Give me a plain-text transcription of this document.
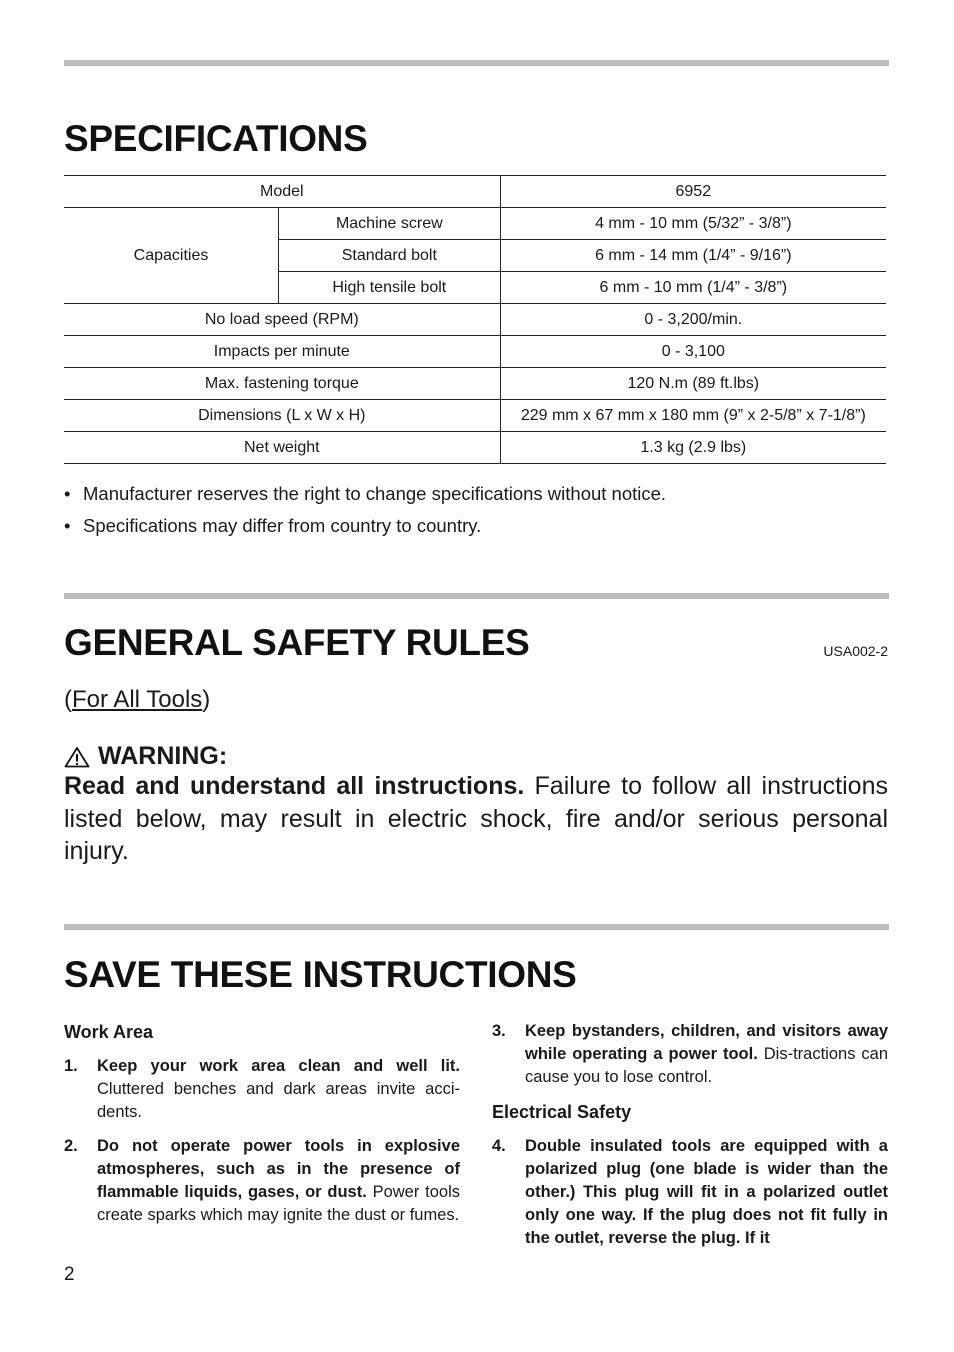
SPECIFICATIONS
Model		6952
Capacities	Machine screw	4 mm - 10 mm (5/32” - 3/8”)
	Standard bolt	6 mm - 14 mm (1/4” - 9/16”)
	High tensile bolt	6 mm - 10 mm (1/4” - 3/8”)
No load speed (RPM)		0 - 3,200/min.
Impacts per minute		0 - 3,100
Max. fastening torque		120 N.m (89 ft.lbs)
Dimensions (L x W x H)		229 mm x 67 mm x 180 mm (9” x 2-5/8” x 7-1/8”)
Net weight		1.3 kg (2.9 lbs)
• Manufacturer reserves the right to change specifications without notice.
• Specifications may differ from country to country.
GENERAL SAFETY RULES	USA002-2
(For All Tools)
WARNING:

Read and understand all instructions. Failure to follow all instructions listed below, may result in electric shock, fire and/or serious personal injury.

SAVE THESE INSTRUCTIONS
Work Area
1. Keep your work area clean and well lit. Cluttered benches and dark areas invite acci-dents.
2. Do not operate power tools in explosive atmospheres, such as in the presence of flammable liquids, gases, or dust. Power tools create sparks which may ignite the dust or fumes.
3. Keep bystanders, children, and visitors away while operating a power tool. Dis-tractions can cause you to lose control.
Electrical Safety
4. Double insulated tools are equipped with a polarized plug (one blade is wider than the other.) This plug will fit in a polarized outlet only one way. If the plug does not fit fully in the outlet, reverse the plug. If it
2
